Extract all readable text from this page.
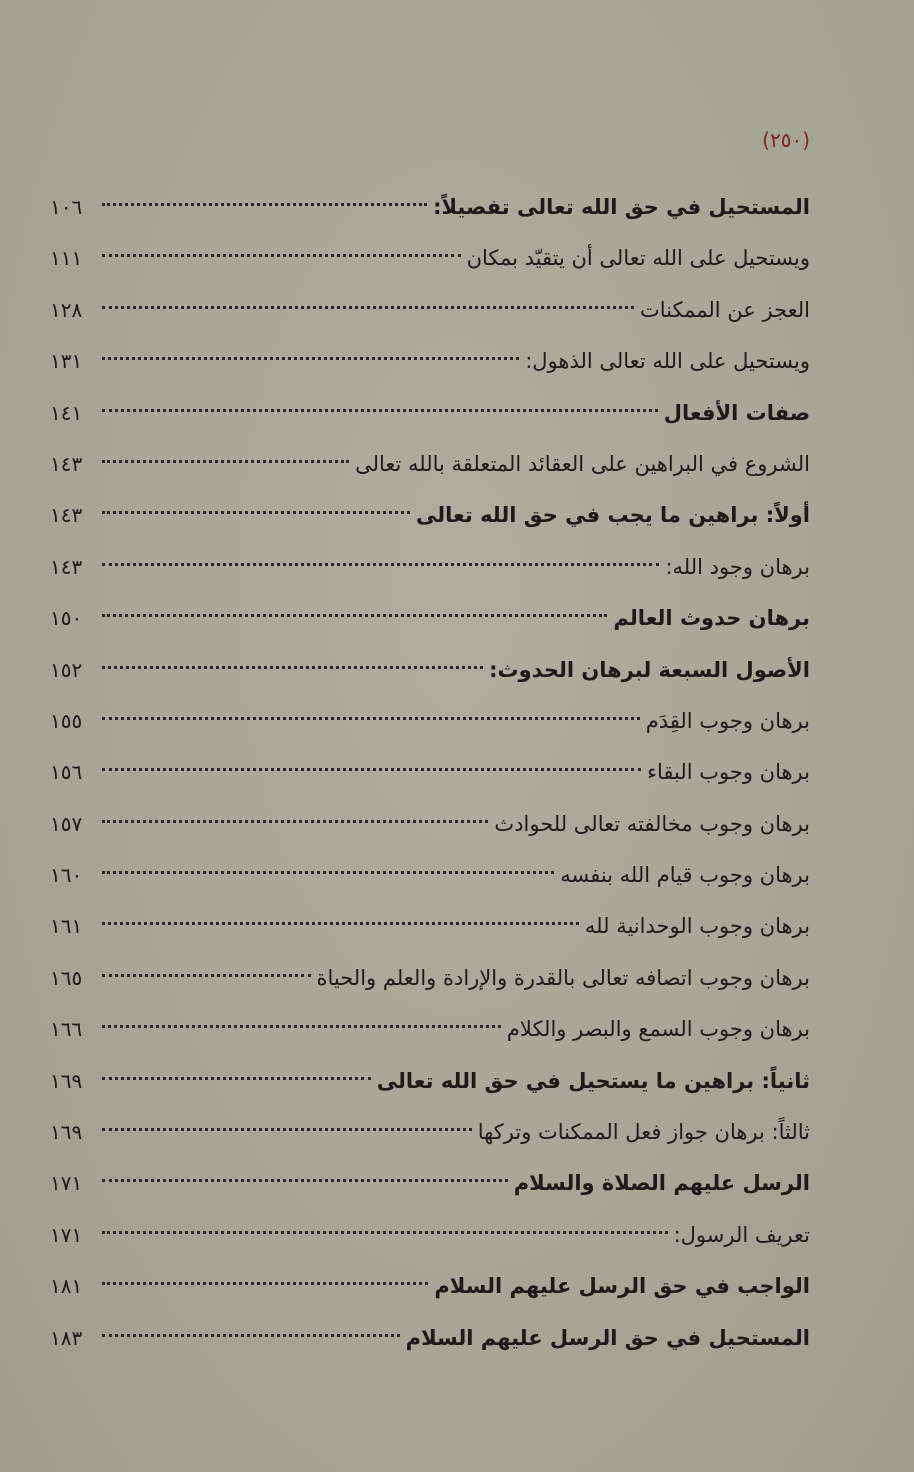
(٢٥٠)
المستحيل في حق الله تعالى تفصيلاً:
١٠٦
ويستحيل على الله تعالى أن يتقيّد بمكان
١١١
العجز عن الممكنات
١٢٨
ويستحيل على الله تعالى الذهول:
١٣١
صفات الأفعال
١٤١
الشروع في البراهين على العقائد المتعلقة بالله تعالى
١٤٣
أولاً: براهين ما يجب في حق الله تعالى
١٤٣
برهان وجود الله:
١٤٣
برهان حدوث العالم
١٥٠
الأصول السبعة لبرهان الحدوث:
١٥٢
برهان وجوب القِدَم
١٥٥
برهان وجوب البقاء
١٥٦
برهان وجوب مخالفته تعالى للحوادث
١٥٧
برهان وجوب قيام الله بنفسه
١٦٠
برهان وجوب الوحدانية لله
١٦١
برهان وجوب اتصافه تعالى بالقدرة والإرادة والعلم والحياة
١٦٥
برهان وجوب السمع والبصر والكلام
١٦٦
ثانياً: براهين ما يستحيل في حق الله تعالى
١٦٩
ثالثاً: برهان جواز فعل الممكنات وتركها
١٦٩
الرسل عليهم الصلاة والسلام
١٧١
تعريف الرسول:
١٧١
الواجب في حق الرسل عليهم السلام
١٨١
المستحيل في حق الرسل عليهم السلام
١٨٣
